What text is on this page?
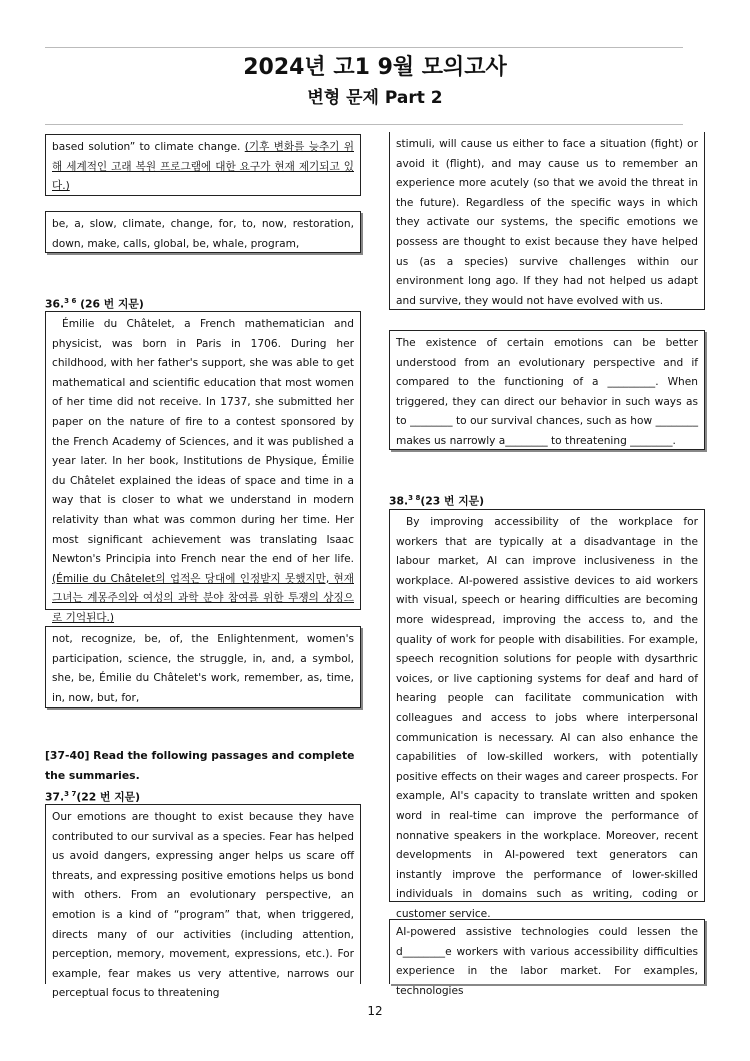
2024년 고1 9월 모의고사
변형 문제 Part 2

based solution” to climate change. (기후 변화를 늦추기 위해 세계적인 고래 복원 프로그램에 대한 요구가 현재 제기되고 있다.)

be, a, slow, climate, change, for, to, now, restoration, down, make, calls, global, be, whale, program,

36.$^{3 6}$ (26 번 지문)

Émilie du Châtelet, a French mathematician and physicist, was born in Paris in 1706. During her childhood, with her father's support, she was able to get mathematical and scientific education that most women of her time did not receive. In 1737, she submitted her paper on the nature of fire to a contest sponsored by the French Academy of Sciences, and it was published a year later. In her book, Institutions de Physique, Émilie du Châtelet explained the ideas of space and time in a way that is closer to what we understand in modern relativity than what was common during her time. Her most significant achievement was translating Isaac Newton's Principia into French near the end of her life. (Émilie du Châtelet의 업적은 당대에 인정받지 못했지만, 현재 그녀는 계몽주의와 여성의 과학 분야 참여를 위한 투쟁의 상징으로 기억된다.)

not, recognize, be, of, the Enlightenment, women's participation, science, the struggle, in, and, a symbol, she, be, Émilie du Châtelet's work, remember, as, time, in, now, but, for,

[37-40] Read the following passages and complete the summaries.
37.$^{3 7}$(22 번 지문)

Our emotions are thought to exist because they have contributed to our survival as a species. Fear has helped us avoid dangers, expressing anger helps us scare off threats, and expressing positive emotions helps us bond with others. From an evolutionary perspective, an emotion is a kind of “program” that, when triggered, directs many of our activities (including attention, perception, memory, movement, expressions, etc.). For example, fear makes us very attentive, narrows our perceptual focus to threatening

stimuli, will cause us either to face a situation (fight) or avoid it (flight), and may cause us to remember an experience more acutely (so that we avoid the threat in the future). Regardless of the specific ways in which they activate our systems, the specific emotions we possess are thought to exist because they have helped us (as a species) survive challenges within our environment long ago. If they had not helped us adapt and survive, they would not have evolved with us.

The existence of certain emotions can be better understood from an evolutionary perspective and if compared to the functioning of a _________. When triggered, they can direct our behavior in such ways as to ________ to our survival chances, such as how ________ makes us narrowly a________ to threatening ________.

38.$^{3 8}$(23 번 지문)

By improving accessibility of the workplace for workers that are typically at a disadvantage in the labour market, AI can improve inclusiveness in the workplace. AI-powered assistive devices to aid workers with visual, speech or hearing difficulties are becoming more widespread, improving the access to, and the quality of work for people with disabilities. For example, speech recognition solutions for people with dysarthric voices, or live captioning systems for deaf and hard of hearing people can facilitate communication with colleagues and access to jobs where interpersonal communication is necessary. AI can also enhance the capabilities of low-skilled workers, with potentially positive effects on their wages and career prospects. For example, AI's capacity to translate written and spoken word in real-time can improve the performance of nonnative speakers in the workplace. Moreover, recent developments in AI-powered text generators can instantly improve the performance of lower-skilled individuals in domains such as writing, coding or customer service.

AI-powered assistive technologies could lessen the d________e workers with various accessibility difficulties experience in the labor market. For examples, technologies

12
